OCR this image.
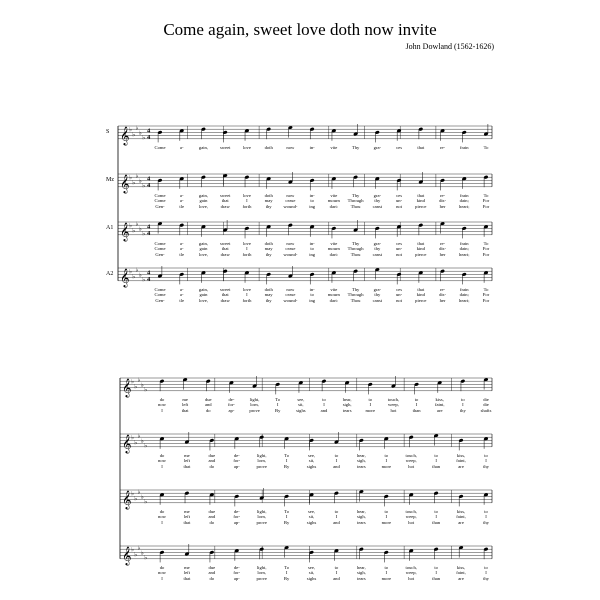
Come again, sweet love doth now invite
John Dowland (1562-1626)
𝄞 ♭
♭
♭
♭
♭
4
4
𝄞 ♭
♭
♭
♭
♭
4
4
𝄞 ♭
♭
♭
♭
♭
4
4
𝄞 ♭
♭
♭
♭
♭
4
4
𝄞 ♭
♭
♭
♭
♭
𝄞 ♭
♭
♭
♭
♭
𝄞 ♭
♭
♭
♭
♭
𝄞 ♭
♭
♭
♭
♭
Come	a-	gain,	sweet	love	doth	now	in-	vite	Thy	gra-	ces	that	re-	frain	To
Come
Come
Gen-
a-
a-
tle
gain,
gain
love,
sweet
that
draw
love
I
forth
doth
may
thy
now
cease
wound-
in-
to
ing
vite
mourn
dart:
Thy
Through
Thou
gra-
thy
canst
ces
un-
not
that
kind
pierce
re-
dis-
her
frain
dain;
heart;
To
For
For
Come
Come
Gen-
a-
a-
tle
gain,
gain
love,
sweet
that
draw
love
I
forth
doth
may
thy
now
cease
wound-
in-
to
ing
vite
mourn
dart:
Thy
Through
Thou
gra-
thy
canst
ces
un-
not
that
kind
pierce
re-
dis-
her
frain
dain;
heart;
To
For
For
Come
Come
Gen-
a-
a-
tle
gain,
gain
love,
sweet
that
draw
love
I
forth
doth
may
thy
now
cease
wound-
in-
to
ing
vite
mourn
dart:
Thy
Through
Thou
gra-
thy
canst
ces
un-
not
that
kind
pierce
re-
dis-
her
frain
dain;
heart;
To
For
For
do
now
I
me
left
that
due
and
do
de-
for-
ap-
light,
lorn,
prove
To
I
By
see,
sit,
sighs
to
I
and
hear,
sigh,
tears
to
I
more
touch,
weep,
hot
to
I
than
kiss,
faint,
are
to
I
thy
die
die
shafts
do
now
I
me
left
that
due
and
do
de-
for-
ap-
light,
lorn,
prove
To
I
By
see,
sit,
sighs
to
I
and
hear,
sigh,
tears
to
I
more
touch,
weep,
hot
to
I
than
kiss,
faint,
are
to
I
thy
do
now
I
me
left
that
due
and
do
de-
for-
ap-
light,
lorn,
prove
To
I
By
see,
sit,
sighs
to
I
and
hear,
sigh,
tears
to
I
more
touch,
weep,
hot
to
I
than
kiss,
faint,
are
to
I
thy
do
now
I
me
left
that
due
and
do
de-
for-
ap-
light,
lorn,
prove
To
I
By
see,
sit,
sighs
to
I
and
hear,
sigh,
tears
to
I
more
touch,
weep,
hot
to
I
than
kiss,
faint,
are
to
I
thy
S
Mz
A1
A2
